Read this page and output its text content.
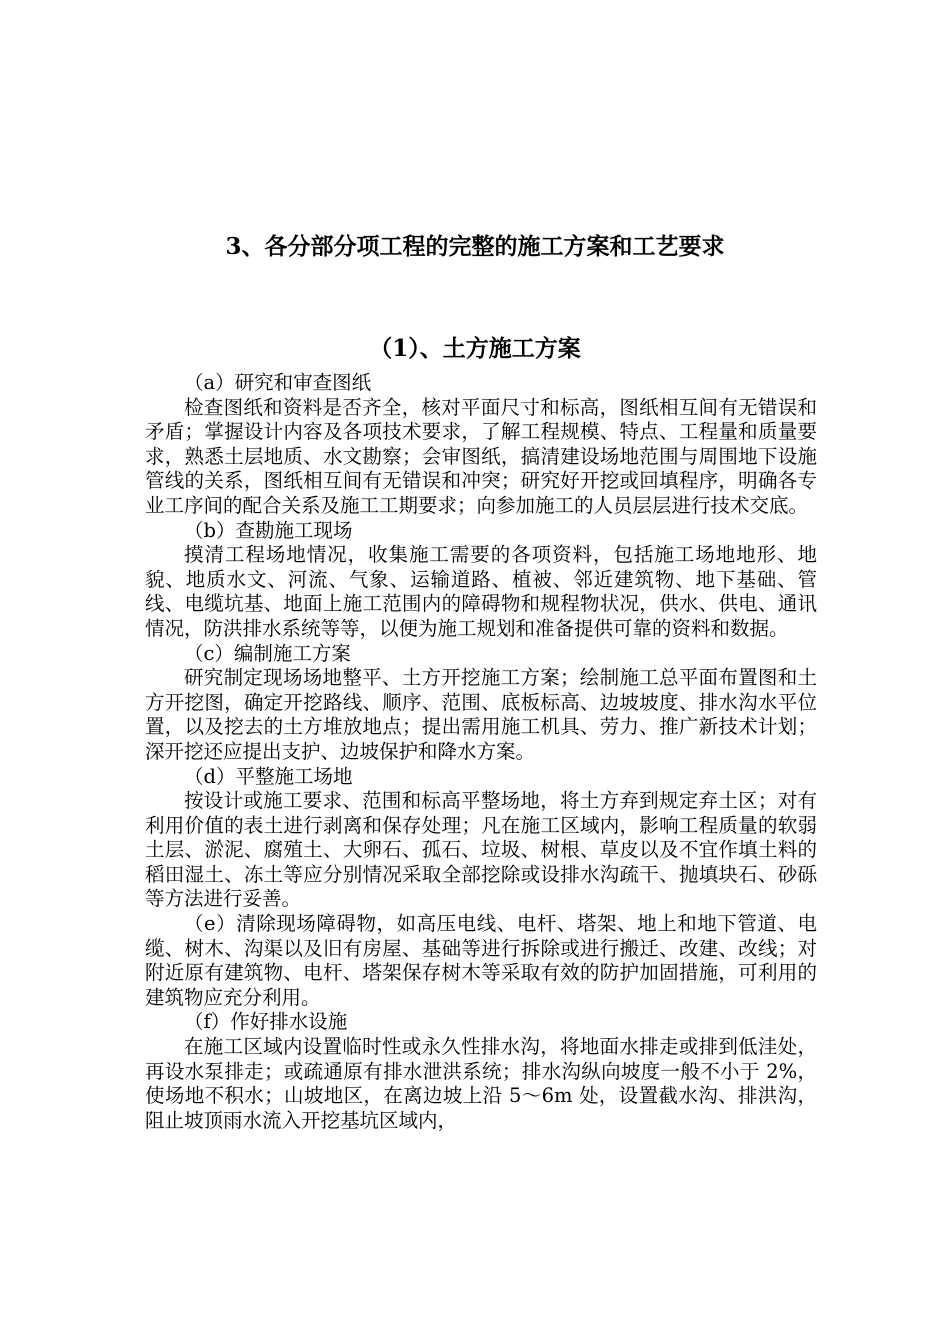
3、各分部分项工程的完整的施工方案和工艺要求
（1）、土方施工方案

（a）研究和审查图纸

检查图纸和资料是否齐全，核对平面尺寸和标高，图纸相互间有无错误和矛盾；掌握设计内容及各项技术要求，了解工程规模、特点、工程量和质量要求，熟悉土层地质、水文勘察；会审图纸，搞清建设场地范围与周围地下设施管线的关系，图纸相互间有无错误和冲突；研究好开挖或回填程序，明确各专业工序间的配合关系及施工工期要求；向参加施工的人员层层进行技术交底。

（b）查勘施工现场

摸清工程场地情况，收集施工需要的各项资料，包括施工场地地形、地貌、地质水文、河流、气象、运输道路、植被、邻近建筑物、地下基础、管线、电缆坑基、地面上施工范围内的障碍物和规程物状况，供水、供电、通讯情况，防洪排水系统等等，以便为施工规划和准备提供可靠的资料和数据。

（c）编制施工方案

研究制定现场场地整平、土方开挖施工方案；绘制施工总平面布置图和土方开挖图，确定开挖路线、顺序、范围、底板标高、边坡坡度、排水沟水平位置，以及挖去的土方堆放地点；提出需用施工机具、劳力、推广新技术计划；深开挖还应提出支护、边坡保护和降水方案。

（d）平整施工场地

按设计或施工要求、范围和标高平整场地，将土方弃到规定弃土区；对有利用价值的表土进行剥离和保存处理；凡在施工区域内，影响工程质量的软弱土层、淤泥、腐殖土、大卵石、孤石、垃圾、树根、草皮以及不宜作填土料的稻田湿土、冻土等应分别情况采取全部挖除或设排水沟疏干、抛填块石、砂砾等方法进行妥善。

（e）清除现场障碍物，如高压电线、电杆、塔架、地上和地下管道、电缆、树木、沟渠以及旧有房屋、基础等进行拆除或进行搬迁、改建、改线；对附近原有建筑物、电杆、塔架保存树木等采取有效的防护加固措施，可利用的建筑物应充分利用。

（f）作好排水设施

在施工区域内设置临时性或永久性排水沟，将地面水排走或排到低洼处，再设水泵排走；或疏通原有排水泄洪系统；排水沟纵向坡度一般不小于 2%，使场地不积水；山坡地区，在离边坡上沿 5～6m 处，设置截水沟、排洪沟，阻止坡顶雨水流入开挖基坑区域内，
